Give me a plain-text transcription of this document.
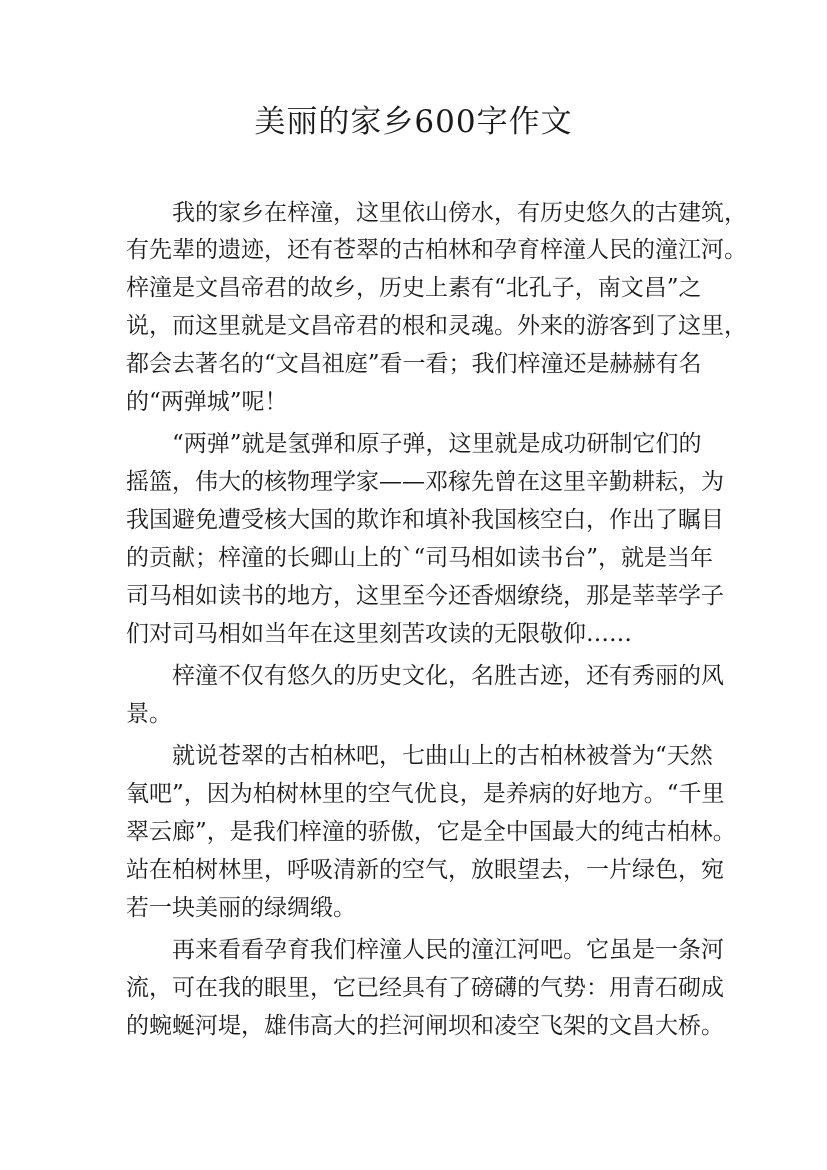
美丽的家乡600字作文

我的家乡在梓潼，这里依山傍水，有历史悠久的古建筑，

有先辈的遗迹，还有苍翠的古柏林和孕育梓潼人民的潼江河。

梓潼是文昌帝君的故乡，历史上素有“北孔子，南文昌”之

说，而这里就是文昌帝君的根和灵魂。外来的游客到了这里，

都会去著名的“文昌祖庭”看一看；我们梓潼还是赫赫有名

的“两弹城”呢！

“两弹”就是氢弹和原子弹，这里就是成功研制它们的

摇篮，伟大的核物理学家——邓稼先曾在这里辛勤耕耘，为

我国避免遭受核大国的欺诈和填补我国核空白，作出了瞩目

的贡献；梓潼的长卿山上的`“司马相如读书台”，就是当年

司马相如读书的地方，这里至今还香烟缭绕，那是莘莘学子

们对司马相如当年在这里刻苦攻读的无限敬仰……

梓潼不仅有悠久的历史文化，名胜古迹，还有秀丽的风

景。

就说苍翠的古柏林吧，七曲山上的古柏林被誉为“天然

氧吧”，因为柏树林里的空气优良，是养病的好地方。“千里

翠云廊”，是我们梓潼的骄傲，它是全中国最大的纯古柏林。

站在柏树林里，呼吸清新的空气，放眼望去，一片绿色，宛

若一块美丽的绿绸缎。

再来看看孕育我们梓潼人民的潼江河吧。它虽是一条河

流，可在我的眼里，它已经具有了磅礴的气势：用青石砌成

的蜿蜒河堤，雄伟高大的拦河闸坝和凌空飞架的文昌大桥。
